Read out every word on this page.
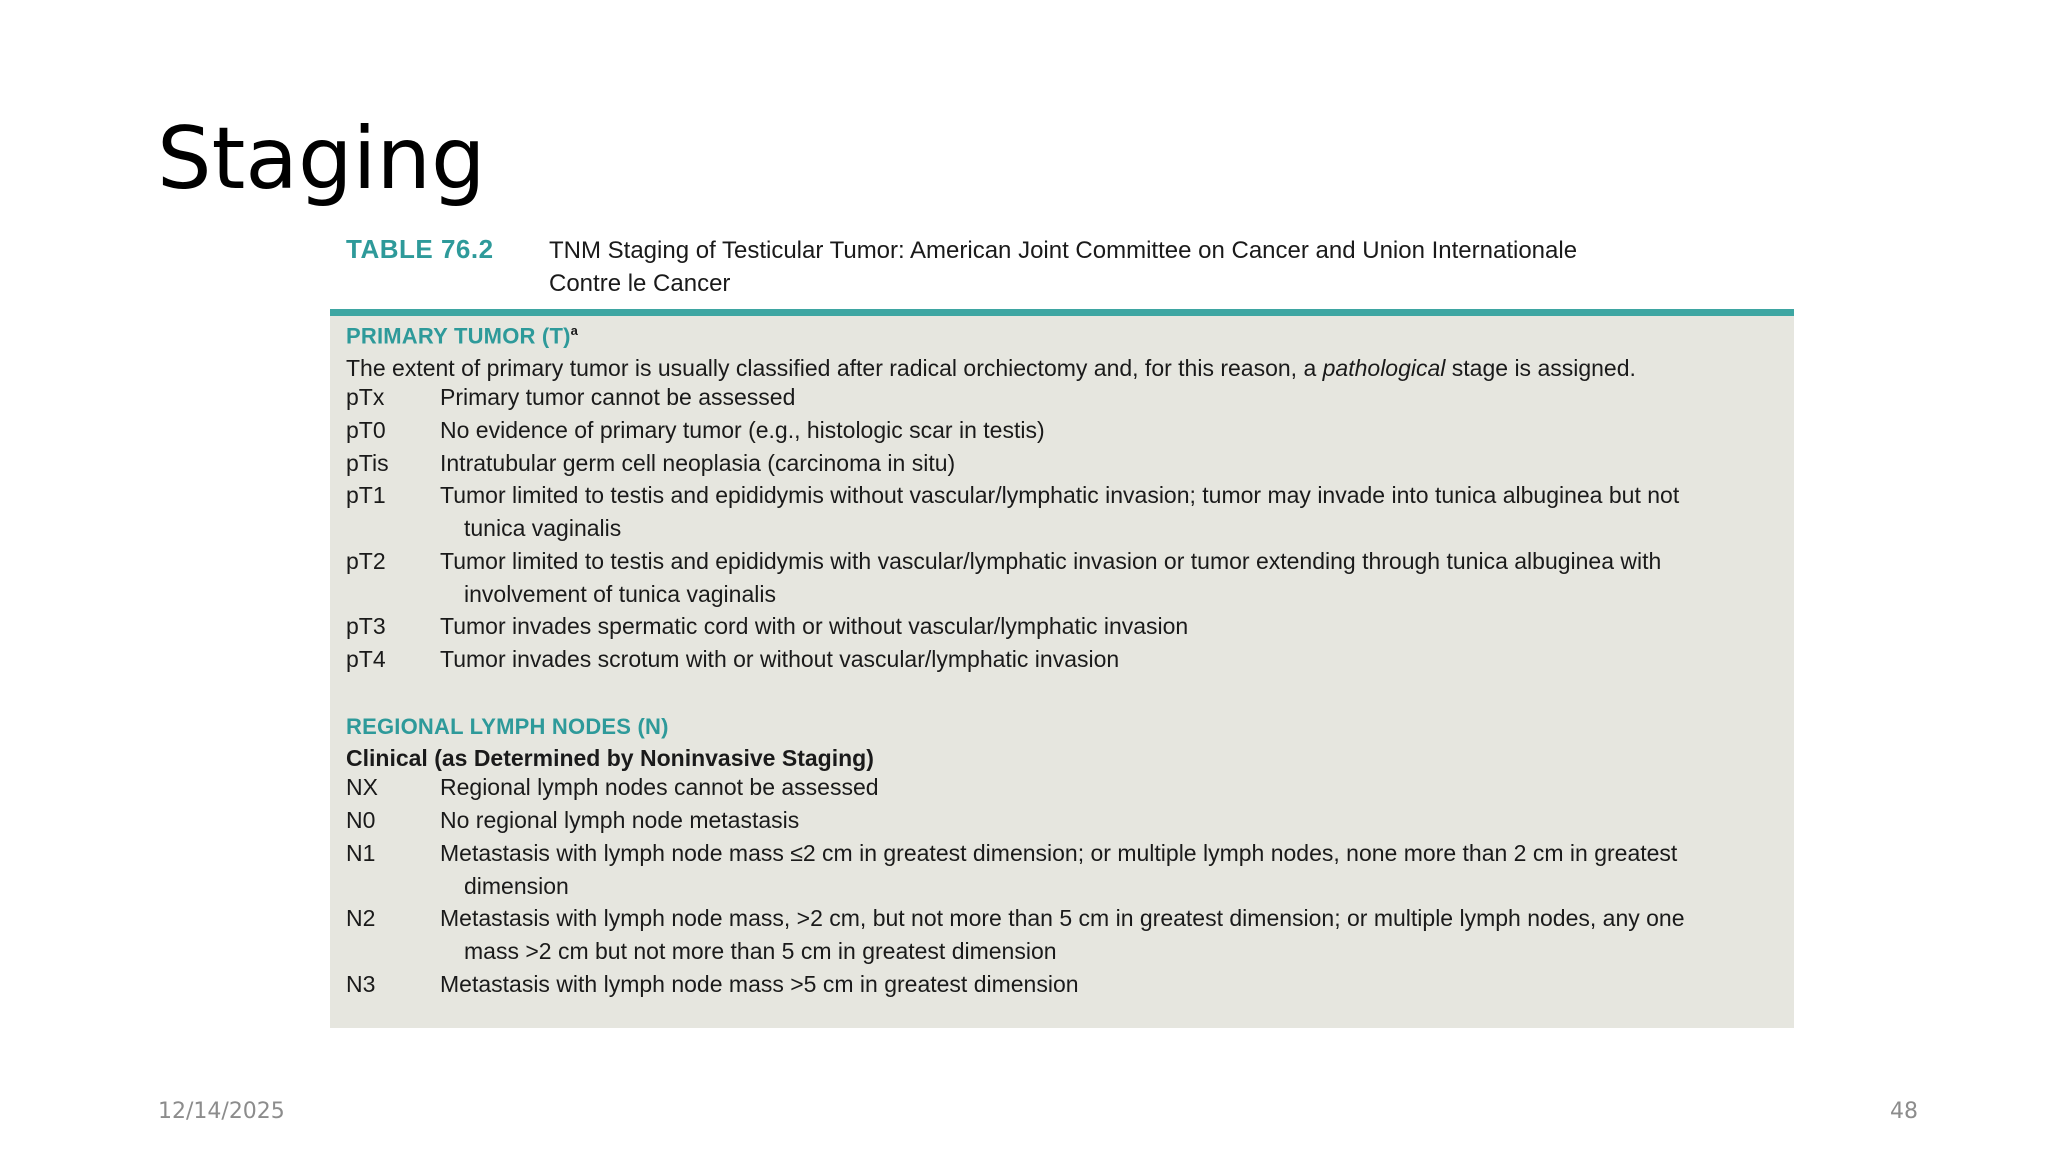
Staging
TABLE 76.2 TNM Staging of Testicular Tumor: American Joint Committee on Cancer and Union Internationale
Contre le Cancer
PRIMARY TUMOR $(T)^a$
The extent of primary tumor is usually classified after radical orchiectomy and, for this reason, a pathological stage is assigned.
pTx Primary tumor cannot be assessed
pT0 No evidence of primary tumor (e.g., histologic scar in testis)
pTis Intratubular germ cell neoplasia (carcinoma in situ)
pT1 Tumor limited to testis and epididymis without vascular/lymphatic invasion; tumor may invade into tunica albuginea but not
tunica vaginalis
pT2 Tumor limited to testis and epididymis with vascular/lymphatic invasion or tumor extending through tunica albuginea with
involvement of tunica vaginalis
pT3 Tumor invades spermatic cord with or without vascular/lymphatic invasion
pT4 Tumor invades scrotum with or without vascular/lymphatic invasion
REGIONAL LYMPH NODES (N)
Clinical (as Determined by Noninvasive Staging)
NX	Regional lymph nodes cannot be assessed
N0	No regional lymph node metastasis
N1	Metastasis with lymph node mass ≤2 cm in greatest dimension; or multiple lymph nodes, none more than 2 cm in greatest
dimension
N2	Metastasis with lymph node mass, >2 cm, but not more than 5 cm in greatest dimension; or multiple lymph nodes, any one
mass >2 cm but not more than 5 cm in greatest dimension
N3	Metastasis with lymph node mass >5 cm in greatest dimension
12/14/2025	48
